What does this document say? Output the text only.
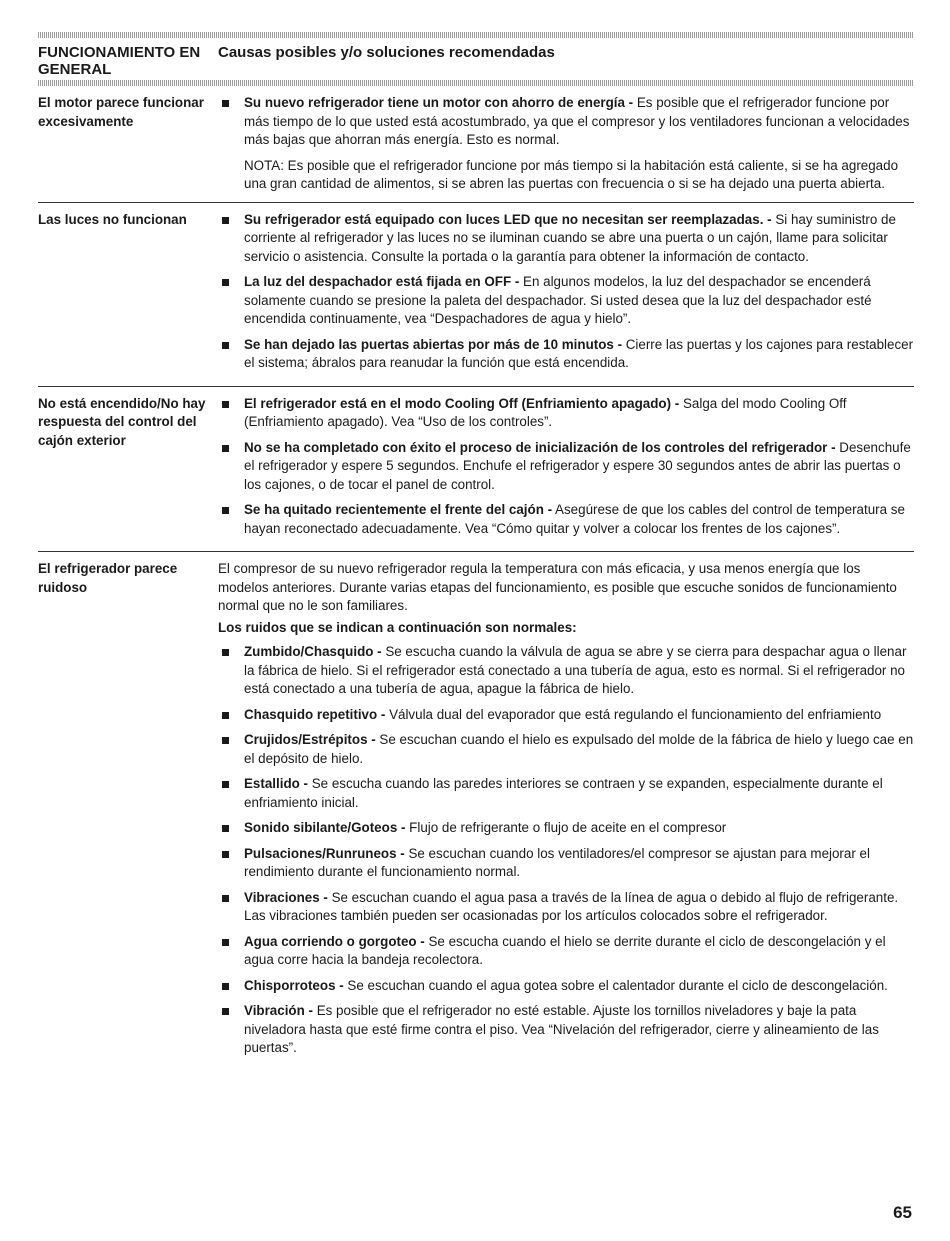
FUNCIONAMIENTO EN GENERAL
Causas posibles y/o soluciones recomendadas
El motor parece funcionar excesivamente
Su nuevo refrigerador tiene un motor con ahorro de energía - Es posible que el refrigerador funcione por más tiempo de lo que usted está acostumbrado, ya que el compresor y los ventiladores funcionan a velocidades más bajas que ahorran más energía. Esto es normal.
NOTA: Es posible que el refrigerador funcione por más tiempo si la habitación está caliente, si se ha agregado una gran cantidad de alimentos, si se abren las puertas con frecuencia o si se ha dejado una puerta abierta.
Las luces no funcionan	Su refrigerador está equipado con luces LED que no necesitan ser reemplazadas. - Si hay suministro de corriente al refrigerador y las luces no se iluminan cuando se abre una puerta o un cajón, llame para solicitar servicio o asistencia. Consulte la portada o la garantía para obtener la información de contacto.
La luz del despachador está fijada en OFF - En algunos modelos, la luz del despachador se encenderá solamente cuando se presione la paleta del despachador. Si usted desea que la luz del despachador esté encendida continuamente, vea “Despachadores de agua y hielo”.
Se han dejado las puertas abiertas por más de 10 minutos - Cierre las puertas y los cajones para restablecer el sistema; ábralos para reanudar la función que está encendida.
No está encendido/No hay respuesta del control del cajón exterior
El refrigerador está en el modo Cooling Off (Enfriamiento apagado) - Salga del modo Cooling Off (Enfriamiento apagado). Vea “Uso de los controles”.
No se ha completado con éxito el proceso de inicialización de los controles del refrigerador - Desenchufe el refrigerador y espere 5 segundos. Enchufe el refrigerador y espere 30 segundos antes de abrir las puertas o los cajones, o de tocar el panel de control.
Se ha quitado recientemente el frente del cajón - Asegúrese de que los cables del control de temperatura se hayan reconectado adecuadamente. Vea “Cómo quitar y volver a colocar los frentes de los cajones”.
El refrigerador parece ruidoso
El compresor de su nuevo refrigerador regula la temperatura con más eficacia, y usa menos energía que los modelos anteriores. Durante varias etapas del funcionamiento, es posible que escuche sonidos de funcionamiento normal que no le son familiares.
Los ruidos que se indican a continuación son normales:
Zumbido/Chasquido - Se escucha cuando la válvula de agua se abre y se cierra para despachar agua o llenar la fábrica de hielo. Si el refrigerador está conectado a una tubería de agua, esto es normal. Si el refrigerador no está conectado a una tubería de agua, apague la fábrica de hielo.
Chasquido repetitivo - Válvula dual del evaporador que está regulando el funcionamiento del enfriamiento
Crujidos/Estrépitos - Se escuchan cuando el hielo es expulsado del molde de la fábrica de hielo y luego cae en el depósito de hielo.
Estallido - Se escucha cuando las paredes interiores se contraen y se expanden, especialmente durante el enfriamiento inicial.
Sonido sibilante/Goteos - Flujo de refrigerante o flujo de aceite en el compresor
Pulsaciones/Runruneos - Se escuchan cuando los ventiladores/el compresor se ajustan para mejorar el rendimiento durante el funcionamiento normal.
Vibraciones - Se escuchan cuando el agua pasa a través de la línea de agua o debido al flujo de refrigerante. Las vibraciones también pueden ser ocasionadas por los artículos colocados sobre el refrigerador.
Agua corriendo o gorgoteo - Se escucha cuando el hielo se derrite durante el ciclo de descongelación y el agua corre hacia la bandeja recolectora.
Chisporroteos - Se escuchan cuando el agua gotea sobre el calentador durante el ciclo de descongelación.
Vibración - Es posible que el refrigerador no esté estable. Ajuste los tornillos niveladores y baje la pata niveladora hasta que esté firme contra el piso. Vea “Nivelación del refrigerador, cierre y alineamiento de las puertas”.
65
